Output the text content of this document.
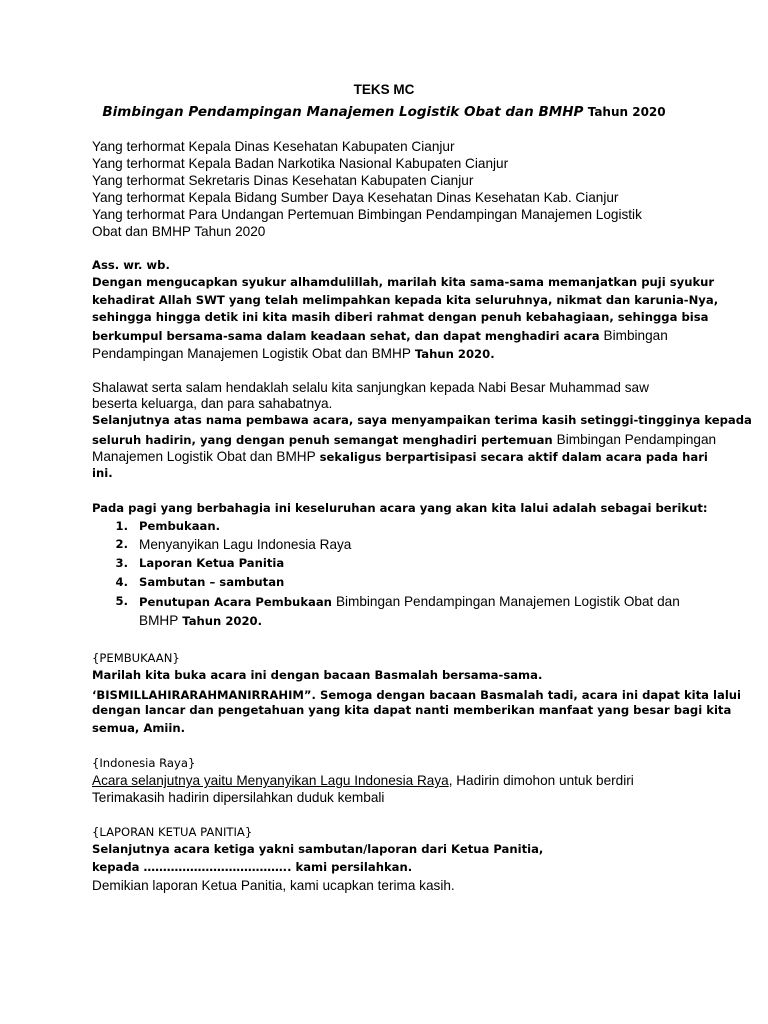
TEKS MC
Bimbingan Pendampingan Manajemen Logistik Obat dan BMHP Tahun 2020
Yang terhormat Kepala Dinas Kesehatan Kabupaten Cianjur
Yang terhormat Kepala Badan Narkotika Nasional Kabupaten Cianjur
Yang terhormat Sekretaris Dinas Kesehatan Kabupaten Cianjur
Yang terhormat Kepala Bidang Sumber Daya Kesehatan Dinas Kesehatan Kab. Cianjur
Yang terhormat Para Undangan Pertemuan Bimbingan Pendampingan Manajemen Logistik
Obat dan BMHP Tahun 2020
Ass. wr. wb.
Dengan mengucapkan syukur alhamdulillah, marilah kita sama-sama memanjatkan puji syukur
kehadirat Allah SWT yang telah melimpahkan kepada kita seluruhnya, nikmat dan karunia-Nya,
sehingga hingga detik ini kita masih diberi rahmat dengan penuh kebahagiaan, sehingga bisa
berkumpul bersama-sama dalam keadaan sehat, dan dapat menghadiri acara Bimbingan
Pendampingan Manajemen Logistik Obat dan BMHP Tahun 2020.
Shalawat serta salam hendaklah selalu kita sanjungkan kepada Nabi Besar Muhammad saw
beserta keluarga, dan para sahabatnya.
Selanjutnya atas nama pembawa acara, saya menyampaikan terima kasih setinggi-tingginya kepada
seluruh hadirin, yang dengan penuh semangat menghadiri pertemuan Bimbingan Pendampingan
Manajemen Logistik Obat dan BMHP sekaligus berpartisipasi secara aktif dalam acara pada hari
ini.
Pada pagi yang berbahagia ini keseluruhan acara yang akan kita lalui adalah sebagai berikut:
1. Pembukaan.
2. Menyanyikan Lagu Indonesia Raya
3. Laporan Ketua Panitia
4. Sambutan – sambutan
5. Penutupan Acara Pembukaan Bimbingan Pendampingan Manajemen Logistik Obat dan
BMHP Tahun 2020.
{PEMBUKAAN}
Marilah kita buka acara ini dengan bacaan Basmalah bersama-sama.
‘BISMILLAHIRARAHMANIRRAHIM”. Semoga dengan bacaan Basmalah tadi, acara ini dapat kita lalui
dengan lancar dan pengetahuan yang kita dapat nanti memberikan manfaat yang besar bagi kita
semua, Amiin.
{Indonesia Raya}
Acara selanjutnya yaitu Menyanyikan Lagu Indonesia Raya, Hadirin dimohon untuk berdiri
Terimakasih hadirin dipersilahkan duduk kembali
{LAPORAN KETUA PANITIA}
Selanjutnya acara ketiga yakni sambutan/laporan dari Ketua Panitia,
kepada ……………………………….. kami persilahkan.
Demikian laporan Ketua Panitia, kami ucapkan terima kasih.
